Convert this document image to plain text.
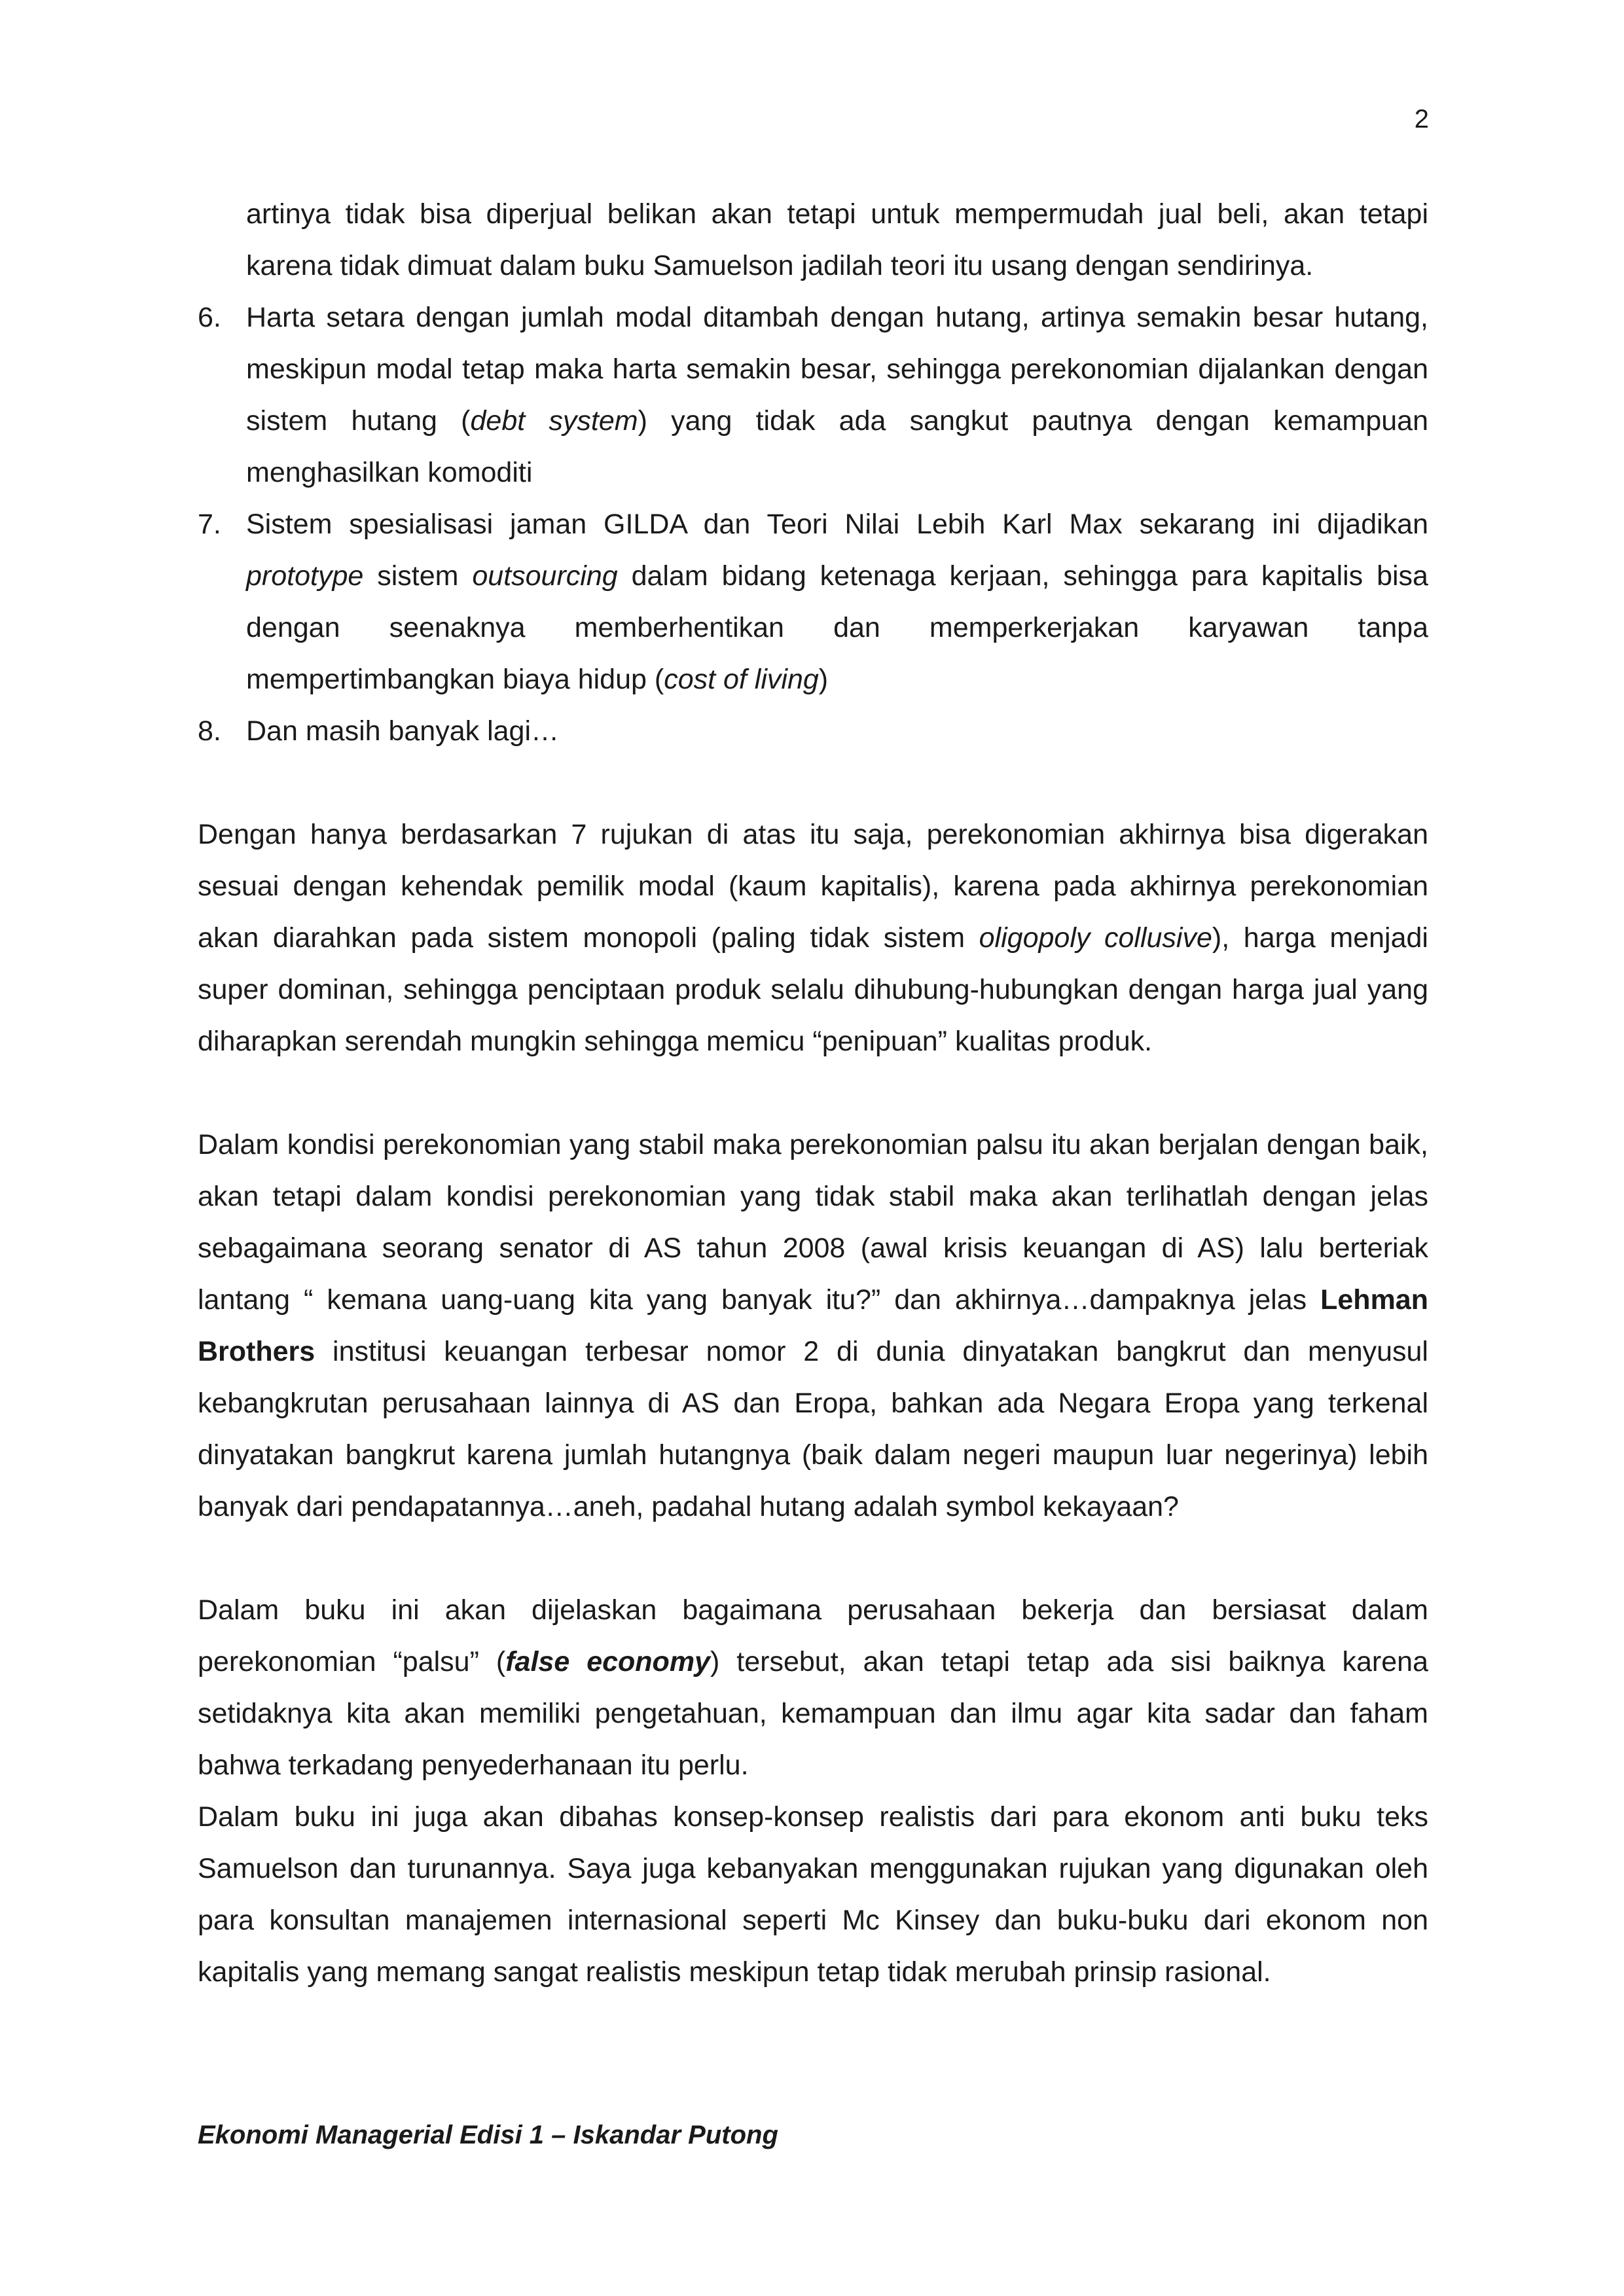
2
artinya tidak bisa diperjual belikan akan tetapi untuk mempermudah jual beli, akan tetapi karena tidak dimuat dalam buku Samuelson jadilah teori itu usang dengan sendirinya.
6. Harta setara dengan jumlah modal ditambah dengan hutang, artinya semakin besar hutang, meskipun modal tetap maka harta semakin besar, sehingga perekonomian dijalankan dengan sistem hutang (debt system) yang tidak ada sangkut pautnya dengan kemampuan menghasilkan komoditi
7. Sistem spesialisasi jaman GILDA dan Teori Nilai Lebih Karl Max sekarang ini dijadikan prototype sistem outsourcing dalam bidang ketenaga kerjaan, sehingga para kapitalis bisa dengan seenaknya memberhentikan dan memperkerjakan karyawan tanpa mempertimbangkan biaya hidup (cost of living)
8. Dan masih banyak lagi…

Dengan hanya berdasarkan 7 rujukan di atas itu saja, perekonomian akhirnya bisa digerakan sesuai dengan kehendak pemilik modal (kaum kapitalis), karena pada akhirnya perekonomian akan diarahkan pada sistem monopoli (paling tidak sistem oligopoly collusive), harga menjadi super dominan, sehingga penciptaan produk selalu dihubung-hubungkan dengan harga jual yang diharapkan serendah mungkin sehingga memicu “penipuan” kualitas produk.

Dalam kondisi perekonomian yang stabil maka perekonomian palsu itu akan berjalan dengan baik, akan tetapi dalam kondisi perekonomian yang tidak stabil maka akan terlihatlah dengan jelas sebagaimana seorang senator di AS tahun 2008 (awal krisis keuangan di AS) lalu berteriak lantang “ kemana uang-uang kita yang banyak itu?” dan akhirnya…dampaknya jelas Lehman Brothers institusi keuangan terbesar nomor 2 di dunia dinyatakan bangkrut dan menyusul kebangkrutan perusahaan lainnya di AS dan Eropa, bahkan ada Negara Eropa yang terkenal dinyatakan bangkrut karena jumlah hutangnya (baik dalam negeri maupun luar negerinya) lebih banyak dari pendapatannya…aneh, padahal hutang adalah symbol kekayaan?

Dalam buku ini akan dijelaskan bagaimana perusahaan bekerja dan bersiasat dalam perekonomian “palsu” (false economy) tersebut, akan tetapi tetap ada sisi baiknya karena setidaknya kita akan memiliki pengetahuan, kemampuan dan ilmu agar kita sadar dan faham bahwa terkadang penyederhanaan itu perlu.

Dalam buku ini juga akan dibahas konsep-konsep realistis dari para ekonom anti buku teks Samuelson dan turunannya. Saya juga kebanyakan menggunakan rujukan yang digunakan oleh para konsultan manajemen internasional seperti Mc Kinsey dan buku-buku dari ekonom non kapitalis yang memang sangat realistis meskipun tetap tidak merubah prinsip rasional.

Ekonomi Managerial Edisi 1 – Iskandar Putong
